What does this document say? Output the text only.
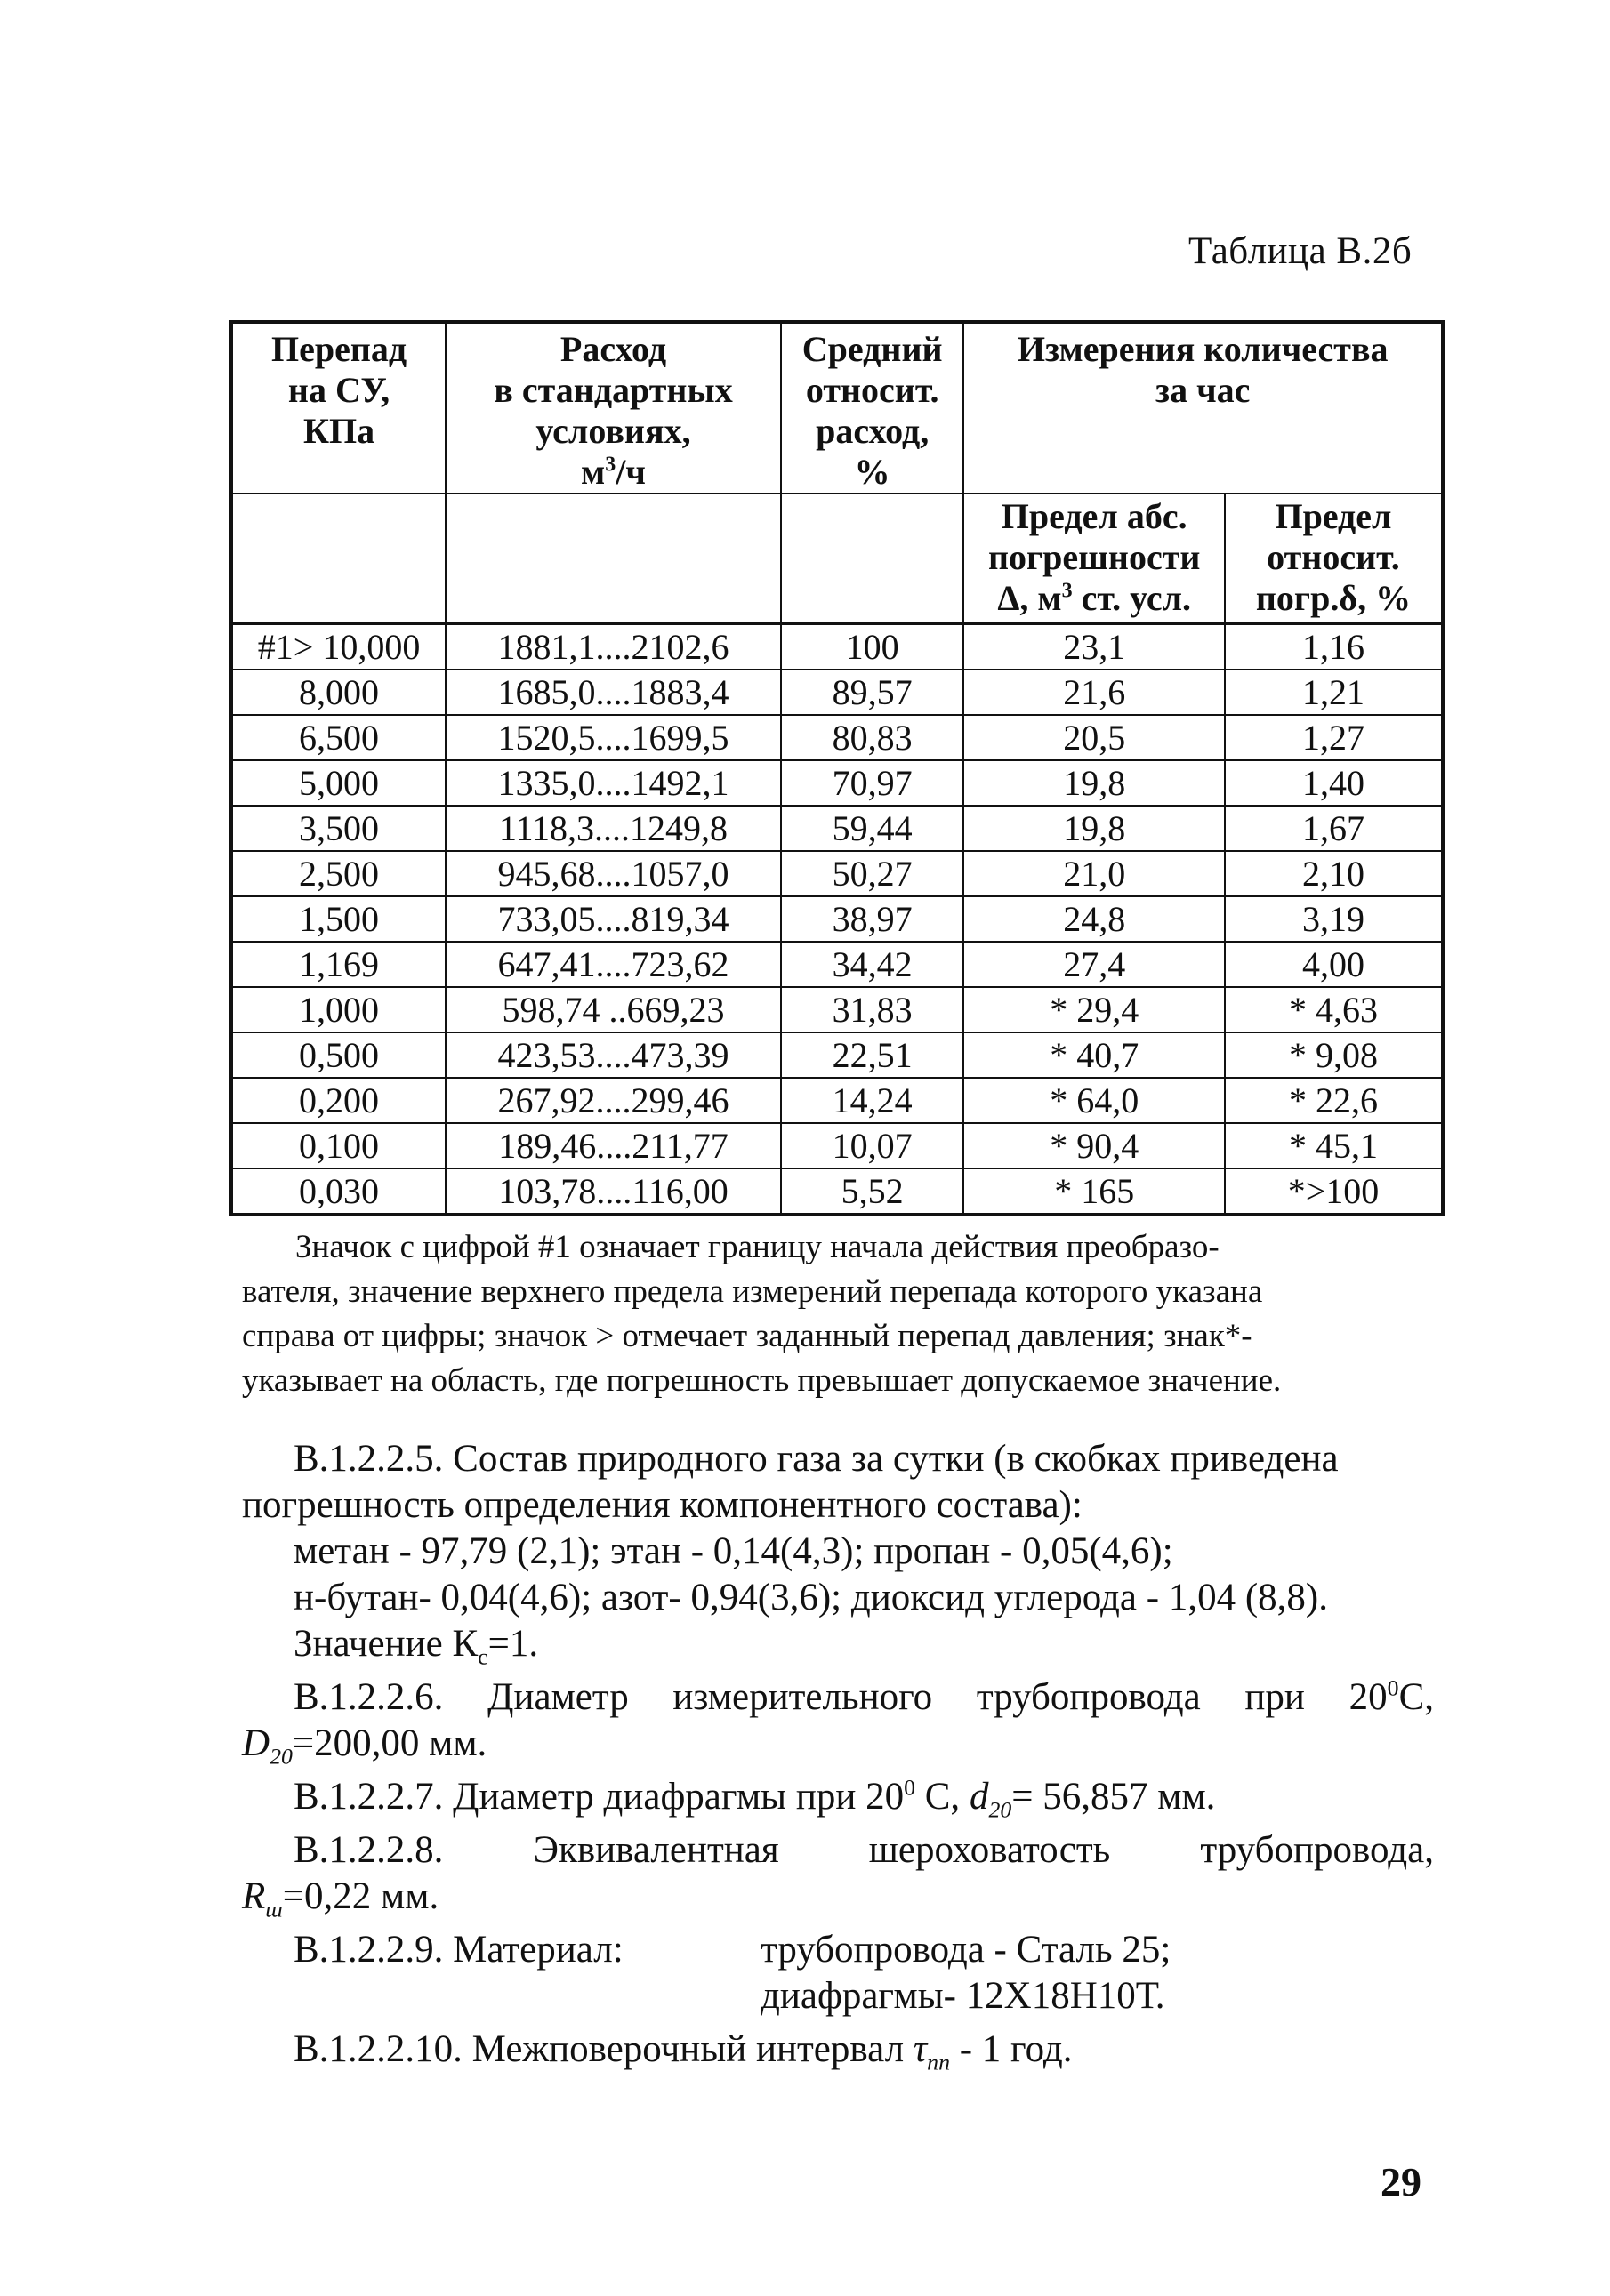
Таблица В.2б
Перепад
на СУ,
КПа	Расход
в стандартных
условиях,
$м^3/ч$	Средний
относит.
расход,
%	Измерения количества
за час	
			Предел абс.
погрешности
Δ, $м^3$ ст. усл.	Предел
относит.
погр.δ, %
#1> 10,000	1881,1....2102,6	100	23,1	1,16
8,000	1685,0....1883,4	89,57	21,6	1,21
6,500	1520,5....1699,5	80,83	20,5	1,27
5,000	1335,0....1492,1	70,97	19,8	1,40
3,500	1118,3....1249,8	59,44	19,8	1,67
2,500	945,68....1057,0	50,27	21,0	2,10
1,500	733,05....819,34	38,97	24,8	3,19
1,169	647,41....723,62	34,42	27,4	4,00
1,000	598,74 ..669,23	31,83	* 29,4	* 4,63
0,500	423,53....473,39	22,51	* 40,7	* 9,08
0,200	267,92....299,46	14,24	* 64,0	* 22,6
0,100	189,46....211,77	10,07	* 90,4	* 45,1
0,030	103,78....116,00	5,52	* 165	*>100

Значок с цифрой #1 означает границу начала действия преобразо-

вателя, значение верхнего предела измерений перепада которого указана

справа от цифры; значок > отмечает заданный перепад давления; знак*-

указывает на область, где погрешность превышает допускаемое значение.

В.1.2.2.5. Состав природного газа за сутки (в скобках приведена

погрешность определения компонентного состава):

метан - 97,79 (2,1); этан - 0,14(4,3); пропан - 0,05(4,6);

н-бутан- 0,04(4,6); азот- 0,94(3,6); диоксид углерода - 1,04 (8,8).

Значение $К_c=1$.

В.1.2.2.6. Диаметр измерительного трубопровода при $20^0С$,

$D_{20}=200,00$ мм.

В.1.2.2.7. Диаметр диафрагмы при $20^0$ С, $d_{20}= 56,857$ мм.

В.1.2.2.8. Эквивалентная шероховатость трубопровода,

$R_ш=0,22$ мм.

В.1.2.2.9. Материал:	трубопровода - Сталь 25;
диафрагмы- 12Х18Н10Т.

В.1.2.2.10. Межповерочный интервал $\tau_{пп} - 1$ год.

29
